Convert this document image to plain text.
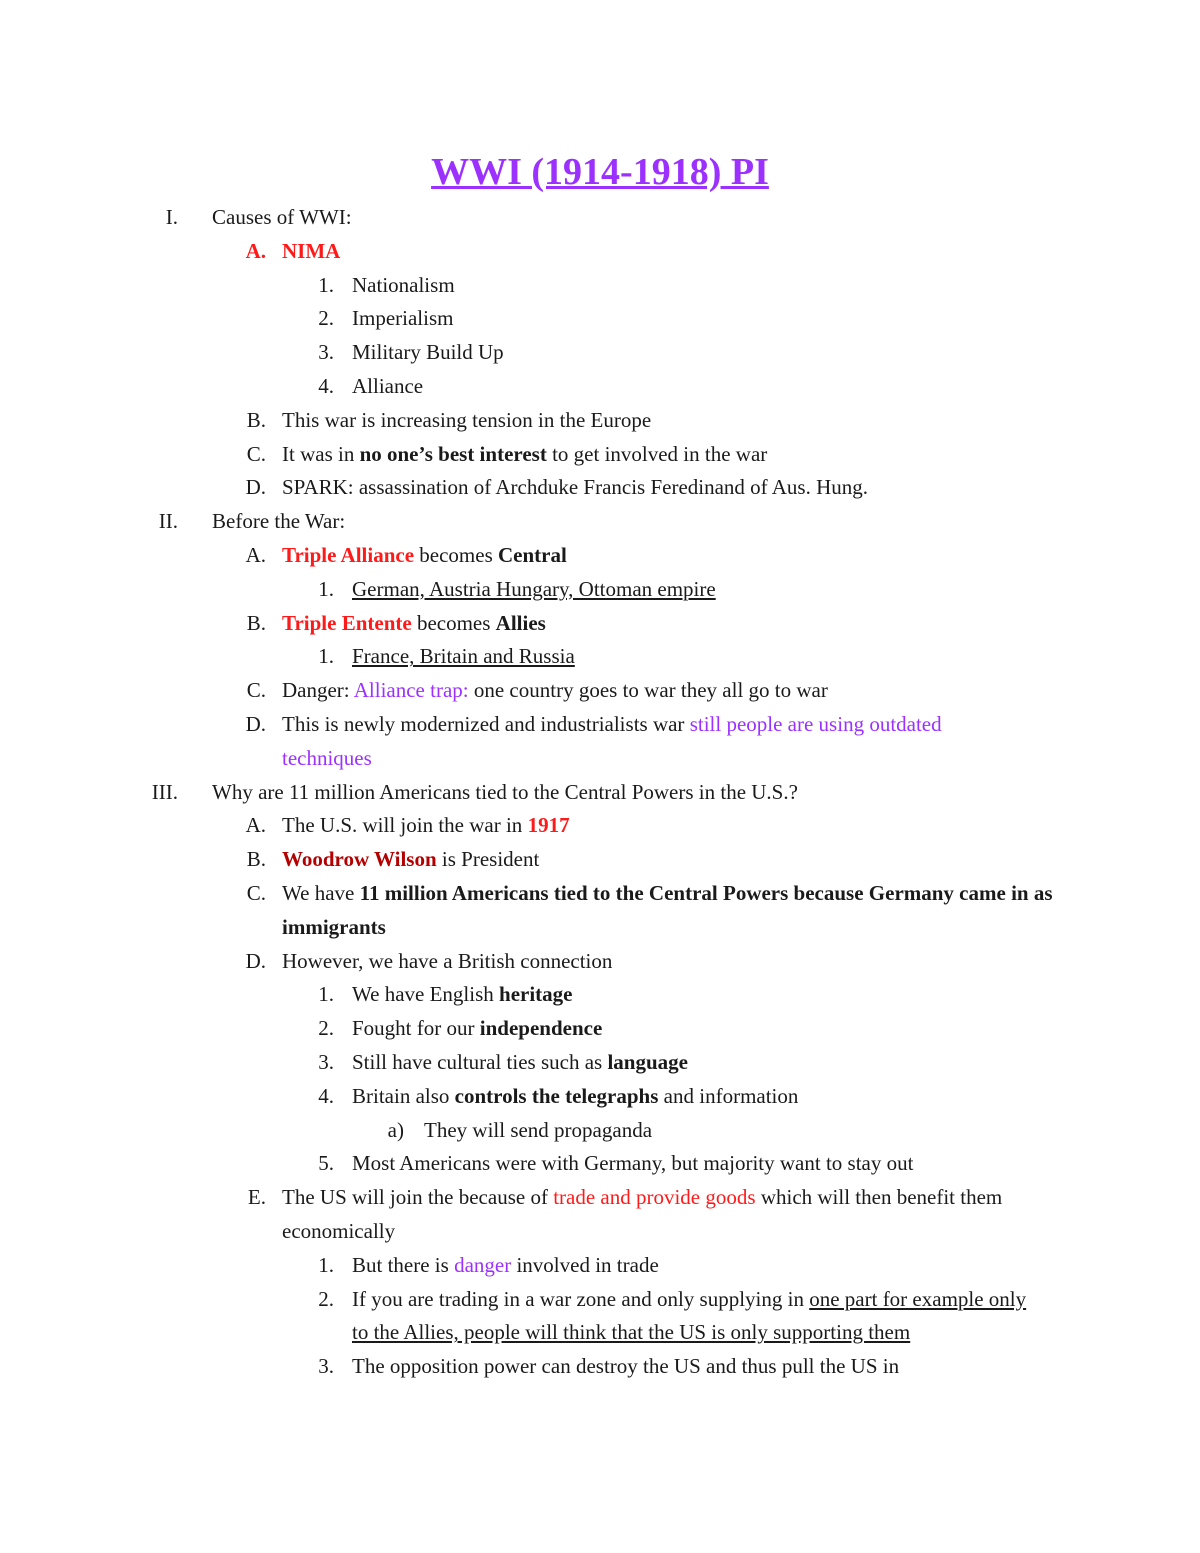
WWI (1914-1918) PI
I. Causes of WWI:
A. NIMA
1. Nationalism
2. Imperialism
3. Military Build Up
4. Alliance
B. This war is increasing tension in the Europe
C. It was in no one’s best interest to get involved in the war
D. SPARK: assassination of Archduke Francis Feredinand of Aus. Hung.
II. Before the War:
A. Triple Alliance becomes Central
1. German, Austria Hungary, Ottoman empire
B. Triple Entente becomes Allies
1. France, Britain and Russia
C. Danger: Alliance trap: one country goes to war they all go to war
D. This is newly modernized and industrialists war still people are using outdated
techniques
III. Why are 11 million Americans tied to the Central Powers in the U.S.?
A. The U.S. will join the war in 1917
B. Woodrow Wilson is President
C. We have 11 million Americans tied to the Central Powers because Germany came in as
immigrants
D. However, we have a British connection
1. We have English heritage
2. Fought for our independence
3. Still have cultural ties such as language
4. Britain also controls the telegraphs and information
a) They will send propaganda
5. Most Americans were with Germany, but majority want to stay out
E. The US will join the because of trade and provide goods which will then benefit them
economically
1. But there is danger involved in trade
2. If you are trading in a war zone and only supplying in one part for example only
to the Allies, people will think that the US is only supporting them
3. The opposition power can destroy the US and thus pull the US in
